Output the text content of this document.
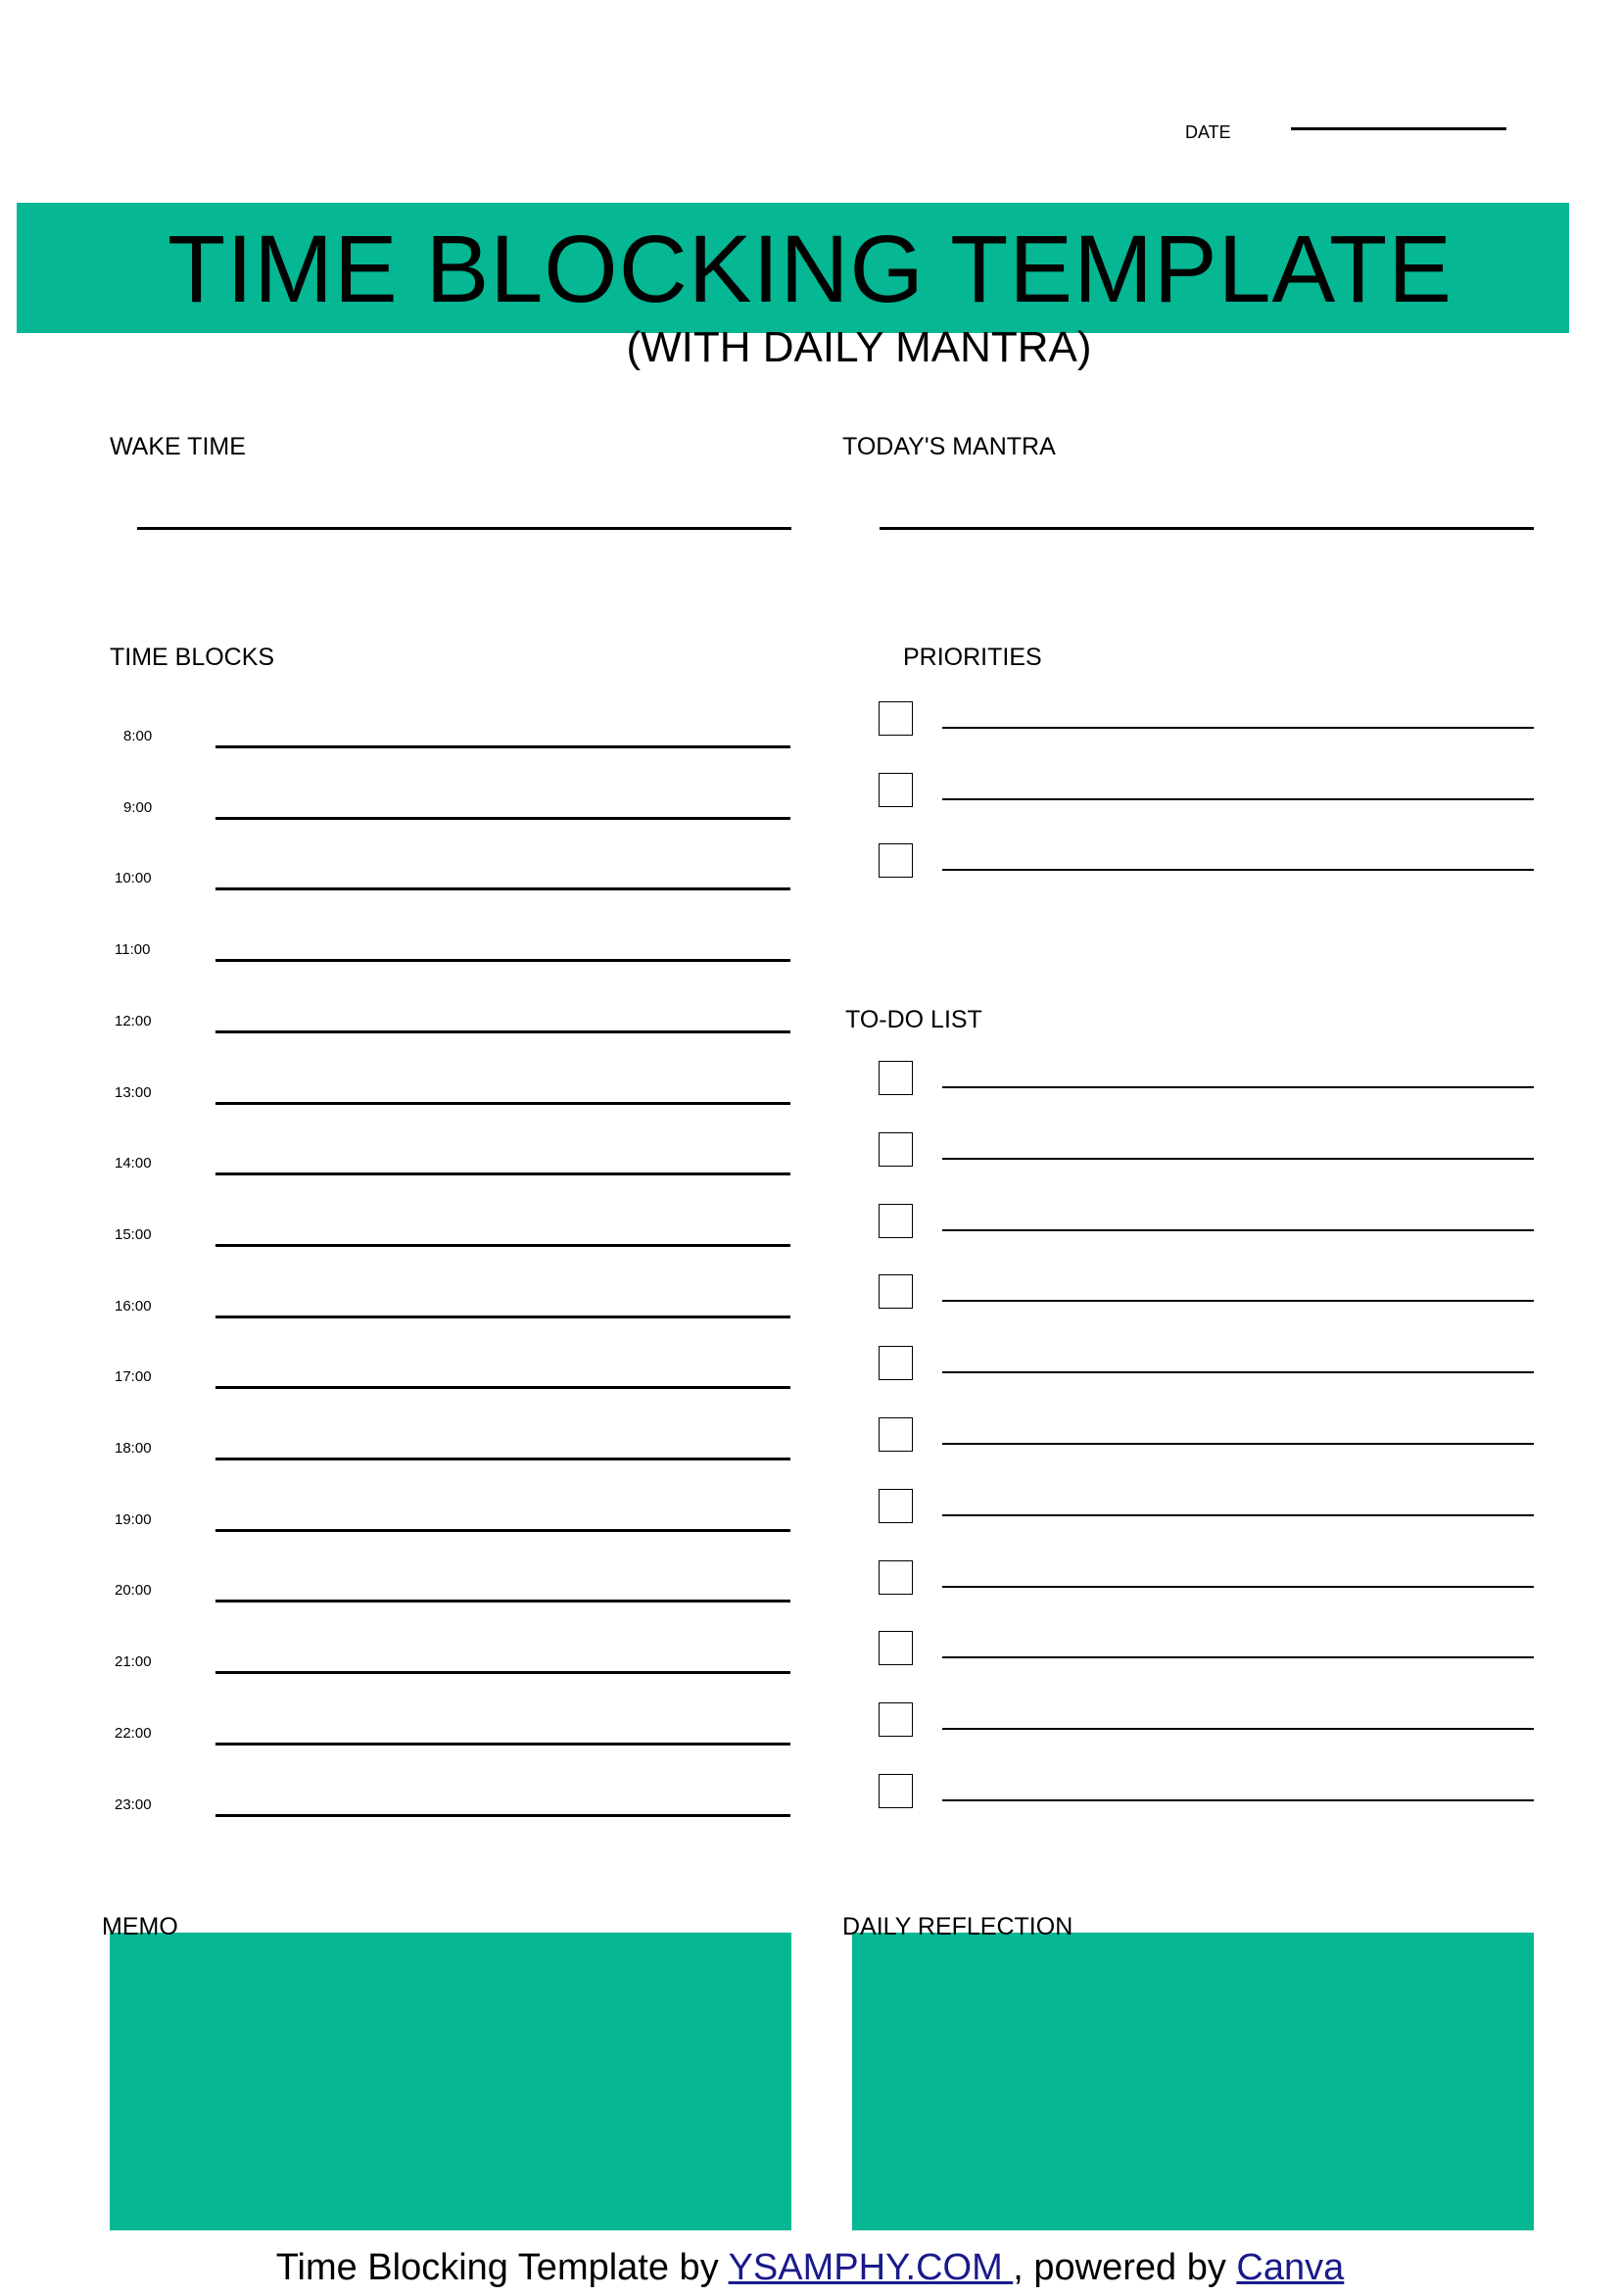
DATE
TIME BLOCKING TEMPLATE
(WITH DAILY MANTRA)
WAKE TIME	TODAY'S MANTRA
TIME BLOCKS	PRIORITIES
TO-DO LIST
8:00
9:00
10:00
11:00
12:00
13:00
14:00
15:00
16:00
17:00
18:00
19:00
20:00
21:00
22:00
23:00
MEMO	DAILY REFLECTION
Time Blocking Template by YSAMPHY.COM , powered by Canva
